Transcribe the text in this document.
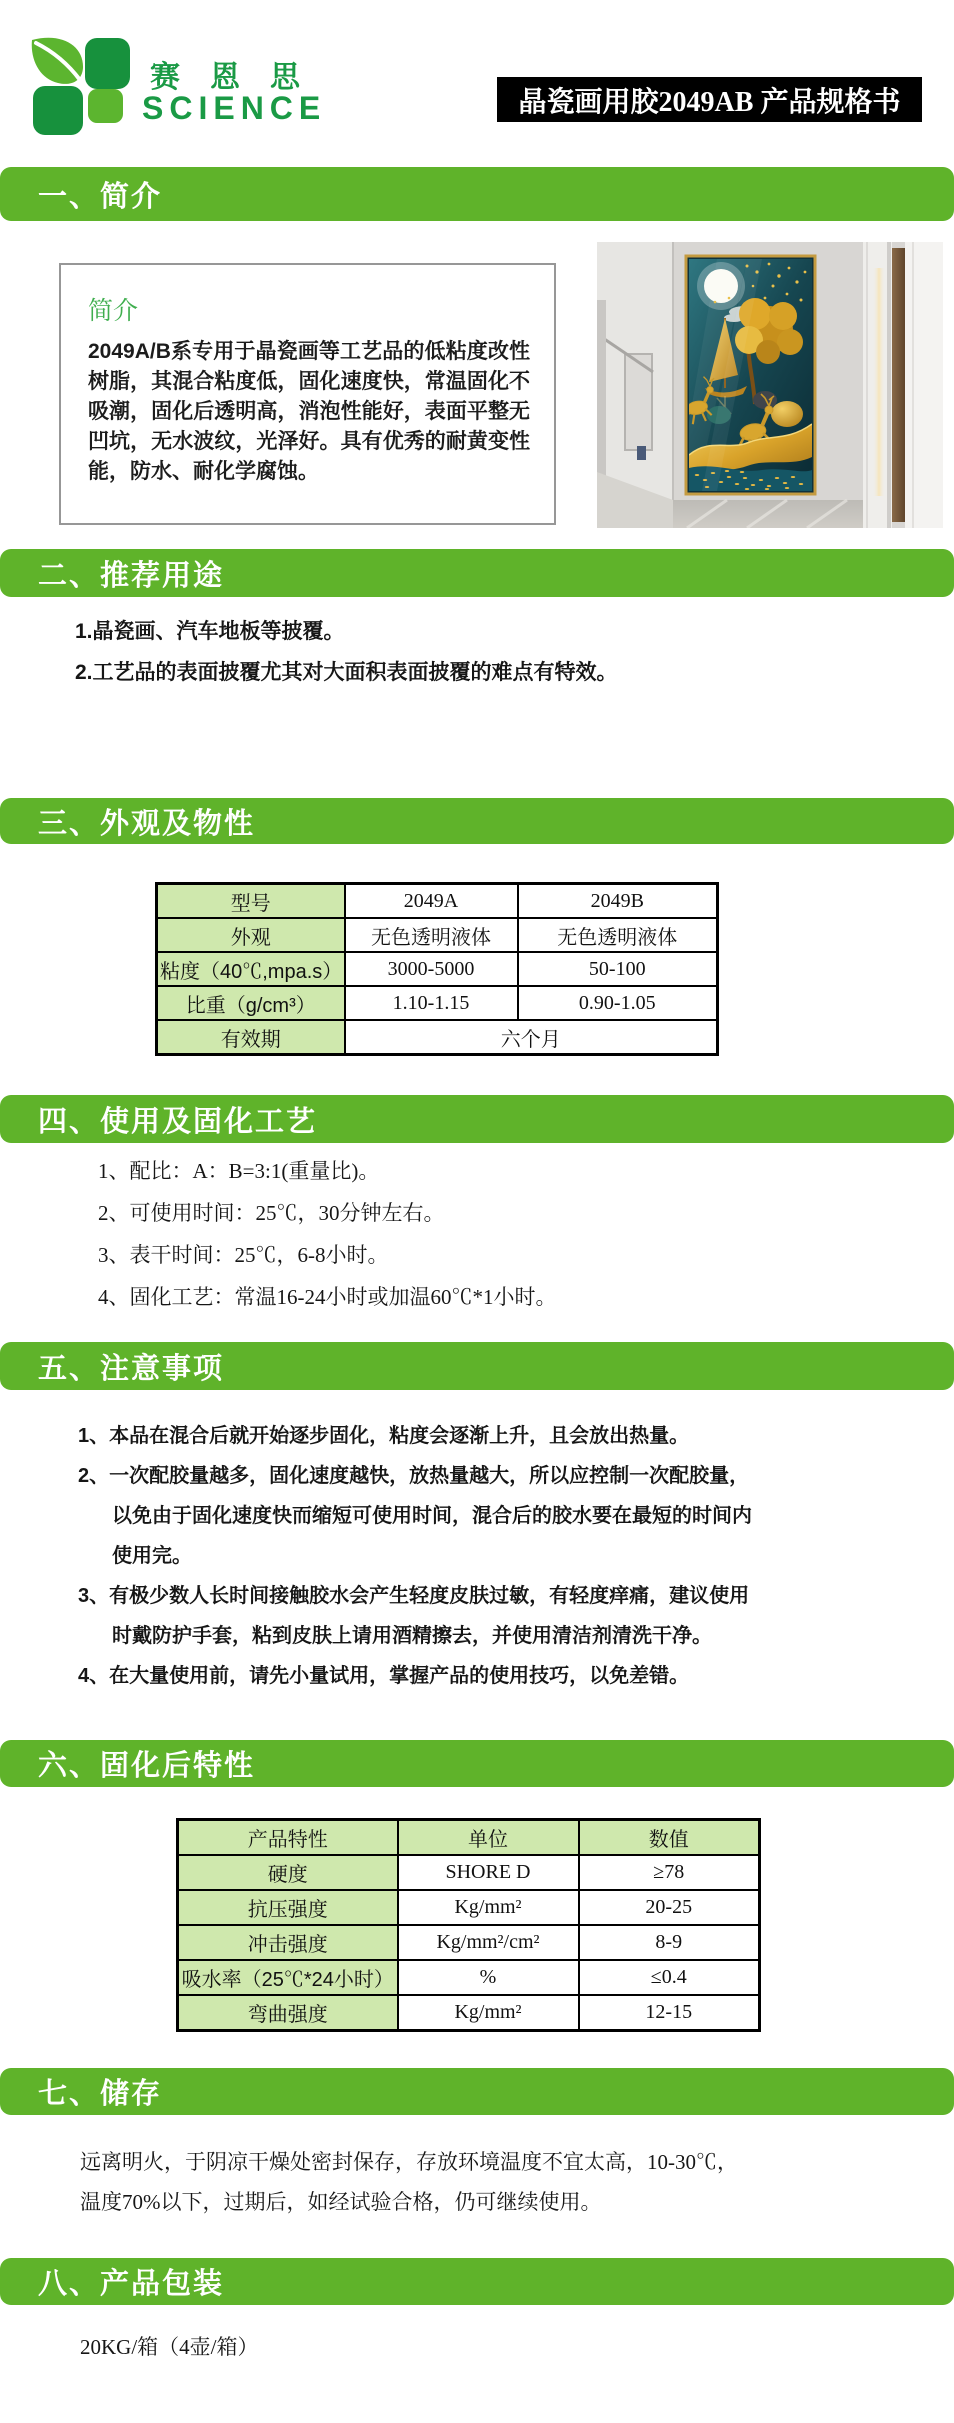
赛恩思
SCIENCE	晶瓷画用胶2049AB 产品规格书
一、简介
二、推荐用途
三、外观及物性
四、使用及固化工艺
五、注意事项
六、固化后特性
七、储存
八、产品包装
简介
2049A/B系专用于晶瓷画等工艺品的低粘度改性树脂，其混合粘度低，固化速度快，常温固化不吸潮，固化后透明高，消泡性能好，表面平整无凹坑，无水波纹，光泽好。具有优秀的耐黄变性能，防水、耐化学腐蚀。
1.晶瓷画、汽车地板等披覆。
2.工艺品的表面披覆尤其对大面积表面披覆的难点有特效。
型号	2049A	2049B
外观	无色透明液体	无色透明液体
粘度（40℃,mpa.s）	3000-5000	50-100
比重（g/cm³）	1.10-1.15	0.90-1.05
有效期	六个月	
1、配比：A：B=3:1(重量比)。
2、可使用时间：25℃，30分钟左右。
3、表干时间：25℃，6-8小时。
4、固化工艺：常温16-24小时或加温60℃*1小时。
1、本品在混合后就开始逐步固化，粘度会逐渐上升，且会放出热量。
2、一次配胶量越多，固化速度越快，放热量越大，所以应控制一次配胶量，
以免由于固化速度快而缩短可使用时间，混合后的胶水要在最短的时间内
使用完。
3、有极少数人长时间接触胶水会产生轻度皮肤过敏，有轻度痒痛，建议使用
时戴防护手套，粘到皮肤上请用酒精擦去，并使用清洁剂清洗干净。
4、在大量使用前，请先小量试用，掌握产品的使用技巧，以免差错。
产品特性	单位	数值
硬度	SHORE D	≥78
抗压强度	Kg/mm²	20-25
冲击强度	Kg/mm²/cm²	8-9
吸水率（25℃*24小时）	%	≤0.4
弯曲强度	Kg/mm²	12-15
远离明火，于阴凉干燥处密封保存，存放环境温度不宜太高，10-30℃，
温度70%以下，过期后，如经试验合格，仍可继续使用。
20KG/箱（4壶/箱）
